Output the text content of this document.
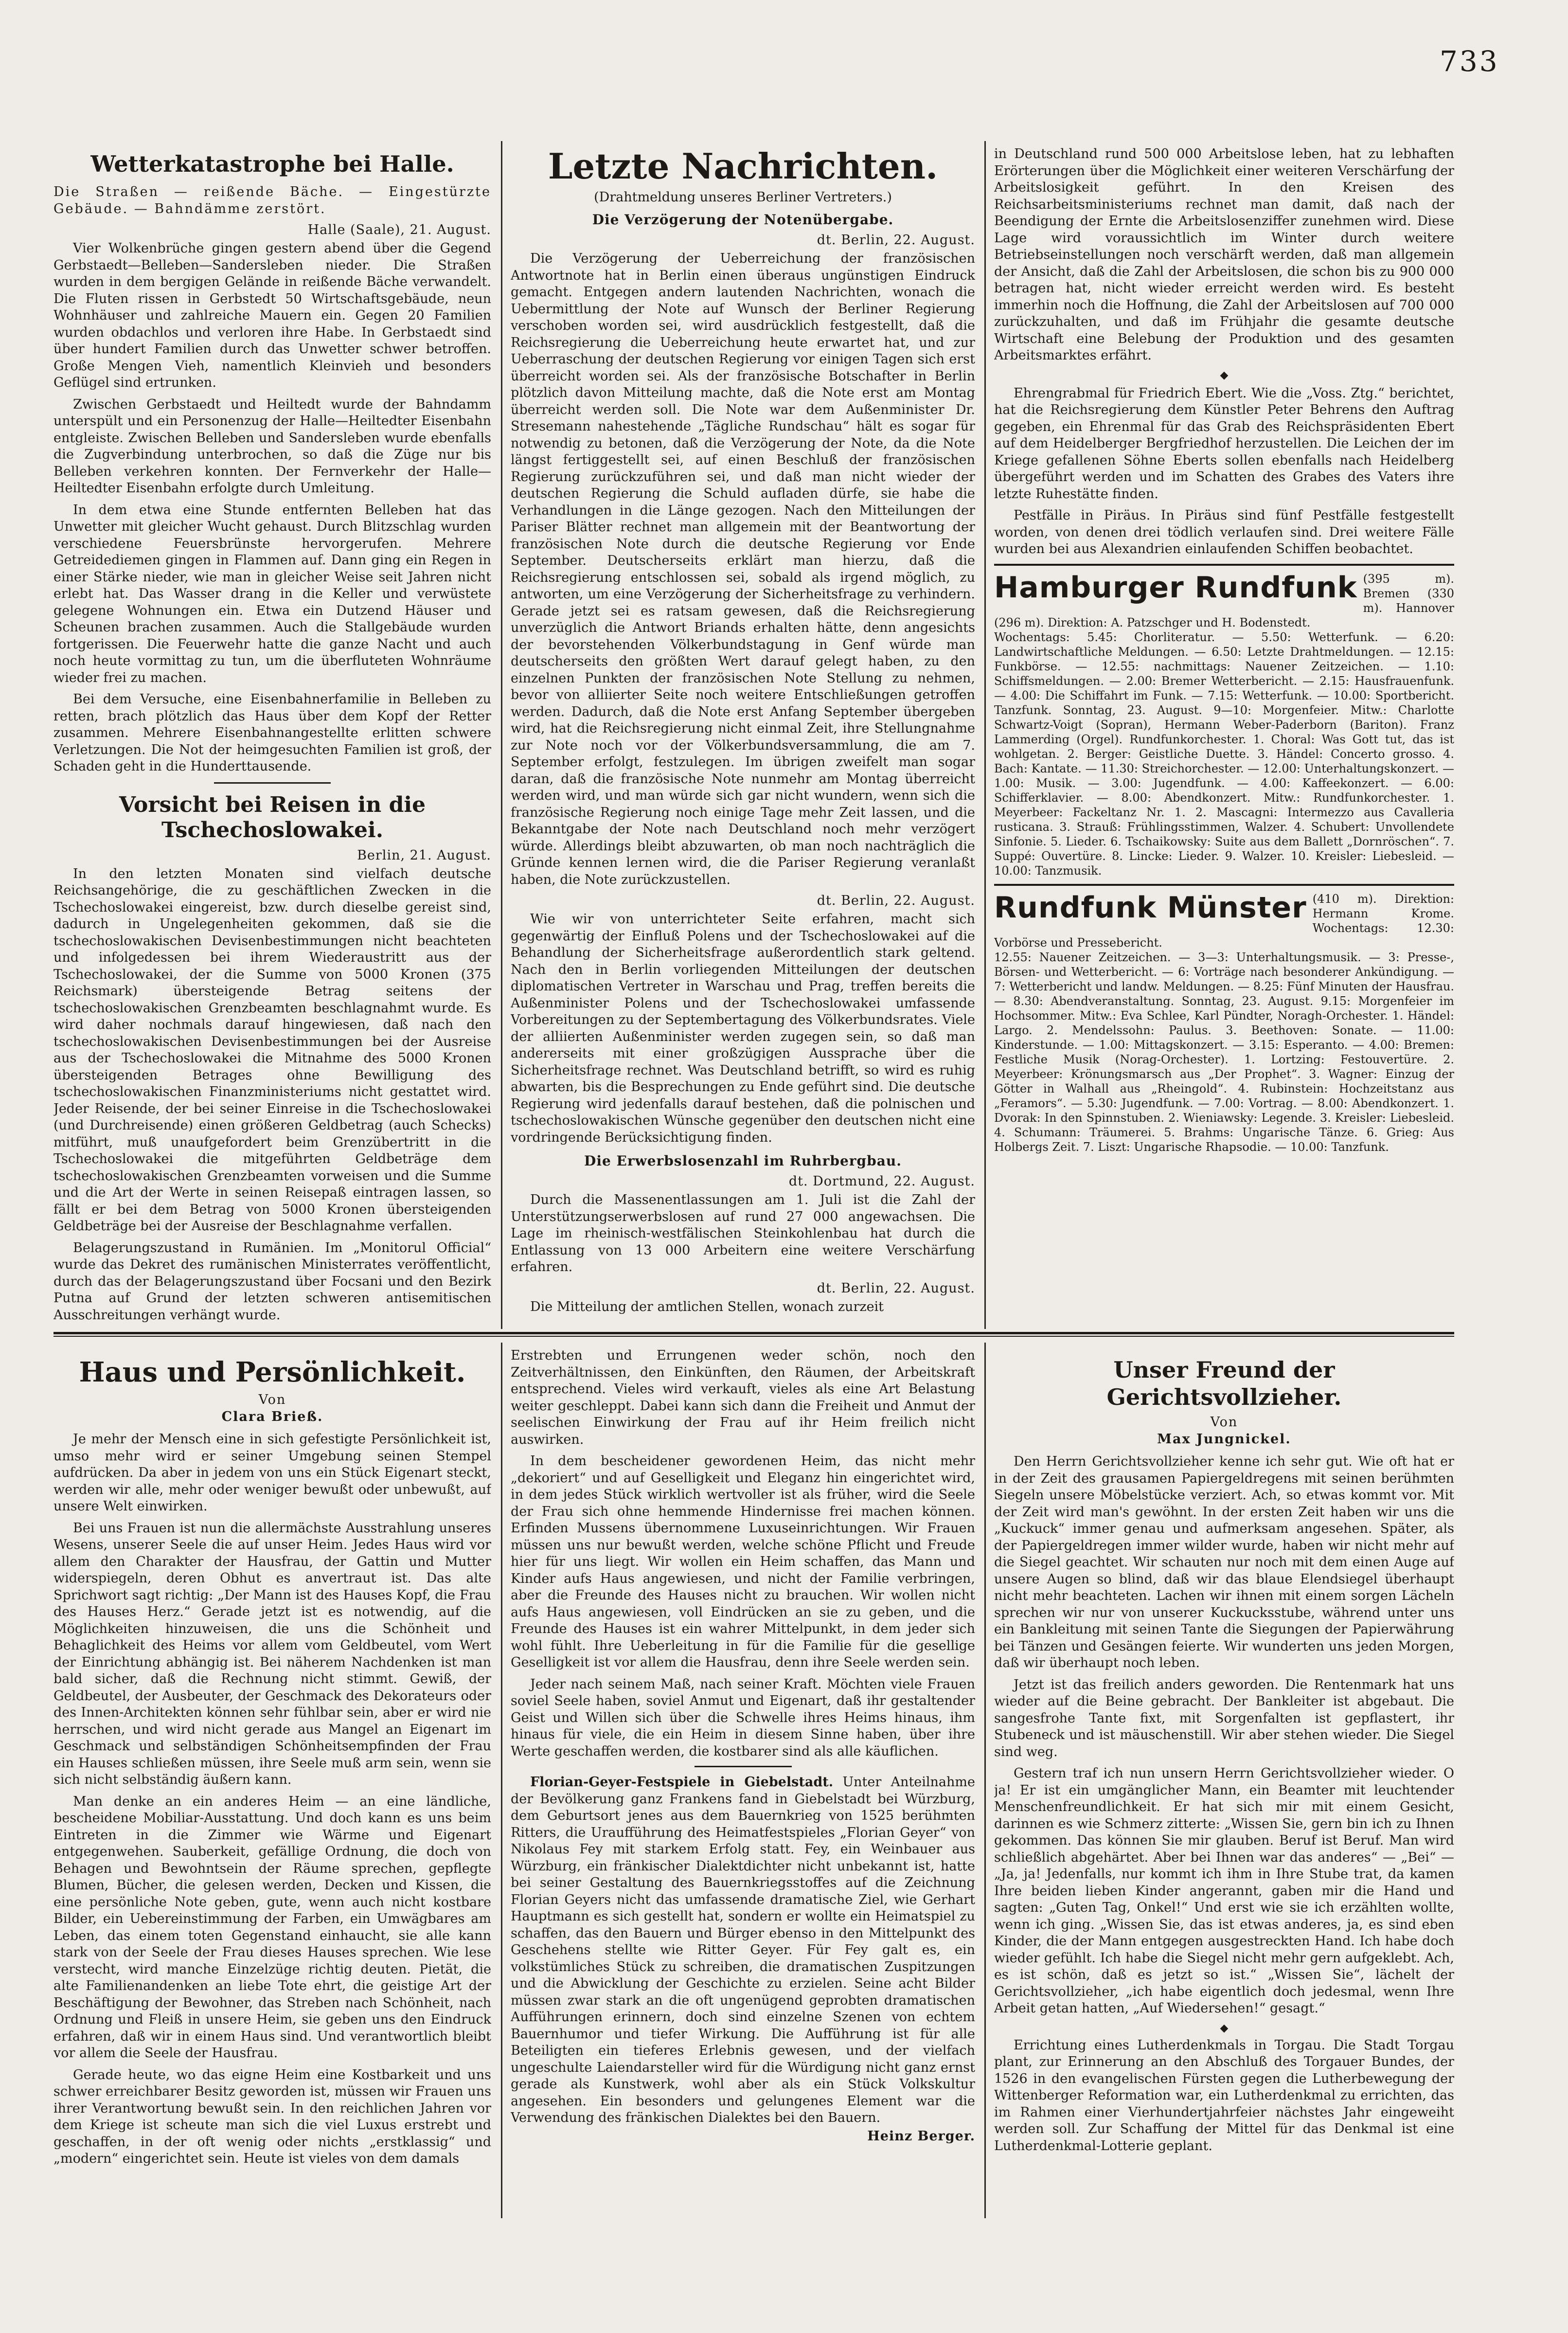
733
Wetterkatastrophe bei Halle.

Die Straßen — reißende Bäche. — Eingestürzte Gebäude. — Bahndämme zerstört.

Halle (Saale), 21. August.

Vier Wolkenbrüche gingen gestern abend über die Gegend Gerbstaedt—Belleben—Sandersleben nieder. Die Straßen wurden in dem bergigen Gelände in reißende Bäche verwandelt. Die Fluten rissen in Gerbstedt 50 Wirtschaftsgebäude, neun Wohnhäuser und zahlreiche Mauern ein. Gegen 20 Familien wurden obdachlos und verloren ihre Habe. In Gerbstaedt sind über hundert Familien durch das Unwetter schwer betroffen. Große Mengen Vieh, namentlich Kleinvieh und besonders Geflügel sind ertrunken.

Zwischen Gerbstaedt und Heiltedt wurde der Bahndamm unterspült und ein Personenzug der Halle—Heiltedter Eisenbahn entgleiste. Zwischen Belleben und Sandersleben wurde ebenfalls die Zugverbindung unterbrochen, so daß die Züge nur bis Belleben verkehren konnten. Der Fernverkehr der Halle—Heiltedter Eisenbahn erfolgte durch Umleitung.

In dem etwa eine Stunde entfernten Belleben hat das Unwetter mit gleicher Wucht gehaust. Durch Blitzschlag wurden verschiedene Feuersbrünste hervorgerufen. Mehrere Getreidediemen gingen in Flammen auf. Dann ging ein Regen in einer Stärke nieder, wie man in gleicher Weise seit Jahren nicht erlebt hat. Das Wasser drang in die Keller und verwüstete gelegene Wohnungen ein. Etwa ein Dutzend Häuser und Scheunen brachen zusammen. Auch die Stallgebäude wurden fortgerissen. Die Feuerwehr hatte die ganze Nacht und auch noch heute vormittag zu tun, um die überfluteten Wohnräume wieder frei zu machen.

Bei dem Versuche, eine Eisenbahnerfamilie in Belleben zu retten, brach plötzlich das Haus über dem Kopf der Retter zusammen. Mehrere Eisenbahnangestellte erlitten schwere Verletzungen. Die Not der heimgesuchten Familien ist groß, der Schaden geht in die Hunderttausende.

Vorsicht bei Reisen in die Tschechoslowakei.
Berlin, 21. August.

In den letzten Monaten sind vielfach deutsche Reichsangehörige, die zu geschäftlichen Zwecken in die Tschechoslowakei eingereist, bzw. durch dieselbe gereist sind, dadurch in Ungelegenheiten gekommen, daß sie die tschechoslowakischen Devisenbestimmungen nicht beachteten und infolgedessen bei ihrem Wiederaustritt aus der Tschechoslowakei, der die Summe von 5000 Kronen (375 Reichsmark) übersteigende Betrag seitens der tschechoslowakischen Grenzbeamten beschlagnahmt wurde. Es wird daher nochmals darauf hingewiesen, daß nach den tschechoslowakischen Devisenbestimmungen bei der Ausreise aus der Tschechoslowakei die Mitnahme des 5000 Kronen übersteigenden Betrages ohne Bewilligung des tschechoslowakischen Finanzministeriums nicht gestattet wird. Jeder Reisende, der bei seiner Einreise in die Tschechoslowakei (und Durchreisende) einen größeren Geldbetrag (auch Schecks) mitführt, muß unaufgefordert beim Grenzübertritt in die Tschechoslowakei die mitgeführten Geldbeträge dem tschechoslowakischen Grenzbeamten vorweisen und die Summe und die Art der Werte in seinen Reisepaß eintragen lassen, so fällt er bei dem Betrag von 5000 Kronen übersteigenden Geldbeträge bei der Ausreise der Beschlagnahme verfallen.

Belagerungszustand in Rumänien. Im „Monitorul Official“ wurde das Dekret des rumänischen Ministerrates veröffentlicht, durch das der Belagerungszustand über Focsani und den Bezirk Putna auf Grund der letzten schweren antisemitischen Ausschreitungen verhängt wurde.

Letzte Nachrichten.
(Drahtmeldung unseres Berliner Vertreters.)
Die Verzögerung der Notenübergabe.
dt. Berlin, 22. August.

Die Verzögerung der Ueberreichung der französischen Antwortnote hat in Berlin einen überaus ungünstigen Eindruck gemacht. Entgegen andern lautenden Nachrichten, wonach die Uebermittlung der Note auf Wunsch der Berliner Regierung verschoben worden sei, wird ausdrücklich festgestellt, daß die Reichsregierung die Ueberreichung heute erwartet hat, und zur Ueberraschung der deutschen Regierung vor einigen Tagen sich erst überreicht worden sei. Als der französische Botschafter in Berlin plötzlich davon Mitteilung machte, daß die Note erst am Montag überreicht werden soll. Die Note war dem Außenminister Dr. Stresemann nahestehende „Tägliche Rundschau“ hält es sogar für notwendig zu betonen, daß die Verzögerung der Note, da die Note längst fertiggestellt sei, auf einen Beschluß der französischen Regierung zurückzuführen sei, und daß man nicht wieder der deutschen Regierung die Schuld aufladen dürfe, sie habe die Verhandlungen in die Länge gezogen. Nach den Mitteilungen der Pariser Blätter rechnet man allgemein mit der Beantwortung der französischen Note durch die deutsche Regierung vor Ende September. Deutscherseits erklärt man hierzu, daß die Reichsregierung entschlossen sei, sobald als irgend möglich, zu antworten, um eine Verzögerung der Sicherheitsfrage zu verhindern. Gerade jetzt sei es ratsam gewesen, daß die Reichsregierung unverzüglich die Antwort Briands erhalten hätte, denn angesichts der bevorstehenden Völkerbundstagung in Genf würde man deutscherseits den größten Wert darauf gelegt haben, zu den einzelnen Punkten der französischen Note Stellung zu nehmen, bevor von alliierter Seite noch weitere Entschließungen getroffen werden. Dadurch, daß die Note erst Anfang September übergeben wird, hat die Reichsregierung nicht einmal Zeit, ihre Stellungnahme zur Note noch vor der Völkerbundsversammlung, die am 7. September erfolgt, festzulegen. Im übrigen zweifelt man sogar daran, daß die französische Note nunmehr am Montag überreicht werden wird, und man würde sich gar nicht wundern, wenn sich die französische Regierung noch einige Tage mehr Zeit lassen, und die Bekanntgabe der Note nach Deutschland noch mehr verzögert würde. Allerdings bleibt abzuwarten, ob man noch nachträglich die Gründe kennen lernen wird, die die Pariser Regierung veranlaßt haben, die Note zurückzustellen.

dt. Berlin, 22. August.

Wie wir von unterrichteter Seite erfahren, macht sich gegenwärtig der Einfluß Polens und der Tschechoslowakei auf die Behandlung der Sicherheitsfrage außerordentlich stark geltend. Nach den in Berlin vorliegenden Mitteilungen der deutschen diplomatischen Vertreter in Warschau und Prag, treffen bereits die Außenminister Polens und der Tschechoslowakei umfassende Vorbereitungen zu der Septembertagung des Völkerbundsrates. Viele der alliierten Außenminister werden zugegen sein, so daß man andererseits mit einer großzügigen Aussprache über die Sicherheitsfrage rechnet. Was Deutschland betrifft, so wird es ruhig abwarten, bis die Besprechungen zu Ende geführt sind. Die deutsche Regierung wird jedenfalls darauf bestehen, daß die polnischen und tschechoslowakischen Wünsche gegenüber den deutschen nicht eine vordringende Berücksichtigung finden.

Die Erwerbslosenzahl im Ruhrbergbau.
dt. Dortmund, 22. August.

Durch die Massenentlassungen am 1. Juli ist die Zahl der Unterstützungserwerbslosen auf rund 27 000 angewachsen. Die Lage im rheinisch-westfälischen Steinkohlenbau hat durch die Entlassung von 13 000 Arbeitern eine weitere Verschärfung erfahren.

dt. Berlin, 22. August.

Die Mitteilung der amtlichen Stellen, wonach zurzeit

in Deutschland rund 500 000 Arbeitslose leben, hat zu lebhaften Erörterungen über die Möglichkeit einer weiteren Verschärfung der Arbeitslosigkeit geführt. In den Kreisen des Reichsarbeitsministeriums rechnet man damit, daß nach der Beendigung der Ernte die Arbeitslosenziffer zunehmen wird. Diese Lage wird voraussichtlich im Winter durch weitere Betriebseinstellungen noch verschärft werden, daß man allgemein der Ansicht, daß die Zahl der Arbeitslosen, die schon bis zu 900 000 betragen hat, nicht wieder erreicht werden wird. Es besteht immerhin noch die Hoffnung, die Zahl der Arbeitslosen auf 700 000 zurückzuhalten, und daß im Frühjahr die gesamte deutsche Wirtschaft eine Belebung der Produktion und des gesamten Arbeitsmarktes erfährt.

◆

Ehrengrabmal für Friedrich Ebert. Wie die „Voss. Ztg.“ berichtet, hat die Reichsregierung dem Künstler Peter Behrens den Auftrag gegeben, ein Ehrenmal für das Grab des Reichspräsidenten Ebert auf dem Heidelberger Bergfriedhof herzustellen. Die Leichen der im Kriege gefallenen Söhne Eberts sollen ebenfalls nach Heidelberg übergeführt werden und im Schatten des Grabes des Vaters ihre letzte Ruhestätte finden.

Pestfälle in Piräus. In Piräus sind fünf Pestfälle festgestellt worden, von denen drei tödlich verlaufen sind. Drei weitere Fälle wurden bei aus Alexandrien einlaufenden Schiffen beobachtet.

Hamburger Rundfunk (395 m). Bremen (330 m). Hannover (296 m). Direktion: A. Patzschger und H. Bodenstedt.
Wochentags: 5.45: Chorliteratur. — 5.50: Wetterfunk. — 6.20: Landwirtschaftliche Meldungen. — 6.50: Letzte Drahtmeldungen. — 12.15: Funkbörse. — 12.55: nachmittags: Nauener Zeitzeichen. — 1.10: Schiffsmeldungen. — 2.00: Bremer Wetterbericht. — 2.15: Hausfrauenfunk. — 4.00: Die Schiffahrt im Funk. — 7.15: Wetterfunk. — 10.00: Sportbericht. Tanzfunk. Sonntag, 23. August. 9—10: Morgenfeier. Mitw.: Charlotte Schwartz-Voigt (Sopran), Hermann Weber-Paderborn (Bariton). Franz Lammerding (Orgel). Rundfunkorchester. 1. Choral: Was Gott tut, das ist wohlgetan. 2. Berger: Geistliche Duette. 3. Händel: Concerto grosso. 4. Bach: Kantate. — 11.30: Streichorchester. — 12.00: Unterhaltungskonzert. — 1.00: Musik. — 3.00: Jugendfunk. — 4.00: Kaffeekonzert. — 6.00: Schifferklavier. — 8.00: Abendkonzert. Mitw.: Rundfunkorchester. 1. Meyerbeer: Fackeltanz Nr. 1. 2. Mascagni: Intermezzo aus Cavalleria rusticana. 3. Strauß: Frühlingsstimmen, Walzer. 4. Schubert: Unvollendete Sinfonie. 5. Lieder. 6. Tschaikowsky: Suite aus dem Ballett „Dornröschen“. 7. Suppé: Ouvertüre. 8. Lincke: Lieder. 9. Walzer. 10. Kreisler: Liebesleid. — 10.00: Tanzmusik.
Rundfunk Münster (410 m). Direktion: Hermann Krome. Wochentags: 12.30: Vorbörse und Pressebericht.
12.55: Nauener Zeitzeichen. — 3—3: Unterhaltungsmusik. — 3: Presse-, Börsen- und Wetterbericht. — 6: Vorträge nach besonderer Ankündigung. — 7: Wetterbericht und landw. Meldungen. — 8.25: Fünf Minuten der Hausfrau. — 8.30: Abendveranstaltung. Sonntag, 23. August. 9.15: Morgenfeier im Hochsommer. Mitw.: Eva Schlee, Karl Pündter, Noragh-Orchester. 1. Händel: Largo. 2. Mendelssohn: Paulus. 3. Beethoven: Sonate. — 11.00: Kinderstunde. — 1.00: Mittagskonzert. — 3.15: Esperanto. — 4.00: Bremen: Festliche Musik (Norag-Orchester). 1. Lortzing: Festouvertüre. 2. Meyerbeer: Krönungsmarsch aus „Der Prophet“. 3. Wagner: Einzug der Götter in Walhall aus „Rheingold“. 4. Rubinstein: Hochzeitstanz aus „Feramors“. — 5.30: Jugendfunk. — 7.00: Vortrag. — 8.00: Abendkonzert. 1. Dvorak: In den Spinnstuben. 2. Wieniawsky: Legende. 3. Kreisler: Liebesleid. 4. Schumann: Träumerei. 5. Brahms: Ungarische Tänze. 6. Grieg: Aus Holbergs Zeit. 7. Liszt: Ungarische Rhapsodie. — 10.00: Tanzfunk.
Haus und Persönlichkeit.
Von
Clara Brieß.

Je mehr der Mensch eine in sich gefestigte Persönlichkeit ist, umso mehr wird er seiner Umgebung seinen Stempel aufdrücken. Da aber in jedem von uns ein Stück Eigenart steckt, werden wir alle, mehr oder weniger bewußt oder unbewußt, auf unsere Welt einwirken.

Bei uns Frauen ist nun die allermächste Ausstrahlung unseres Wesens, unserer Seele die auf unser Heim. Jedes Haus wird vor allem den Charakter der Hausfrau, der Gattin und Mutter widerspiegeln, deren Obhut es anvertraut ist. Das alte Sprichwort sagt richtig: „Der Mann ist des Hauses Kopf, die Frau des Hauses Herz.“ Gerade jetzt ist es notwendig, auf die Möglichkeiten hinzuweisen, die uns die Schönheit und Behaglichkeit des Heims vor allem vom Geldbeutel, vom Wert der Einrichtung abhängig ist. Bei näherem Nachdenken ist man bald sicher, daß die Rechnung nicht stimmt. Gewiß, der Geldbeutel, der Ausbeuter, der Geschmack des Dekorateurs oder des Innen-Architekten können sehr fühlbar sein, aber er wird nie herrschen, und wird nicht gerade aus Mangel an Eigenart im Geschmack und selbständigen Schönheitsempfinden der Frau ein Hauses schließen müssen, ihre Seele muß arm sein, wenn sie sich nicht selbständig äußern kann.

Man denke an ein anderes Heim — an eine ländliche, bescheidene Mobiliar-Ausstattung. Und doch kann es uns beim Eintreten in die Zimmer wie Wärme und Eigenart entgegenwehen. Sauberkeit, gefällige Ordnung, die doch von Behagen und Bewohntsein der Räume sprechen, gepflegte Blumen, Bücher, die gelesen werden, Decken und Kissen, die eine persönliche Note geben, gute, wenn auch nicht kostbare Bilder, ein Uebereinstimmung der Farben, ein Umwägbares am Leben, das einem toten Gegenstand einhaucht, sie alle kann stark von der Seele der Frau dieses Hauses sprechen. Wie lese verstecht, wird manche Einzelzüge richtig deuten. Pietät, die alte Familienandenken an liebe Tote ehrt, die geistige Art der Beschäftigung der Bewohner, das Streben nach Schönheit, nach Ordnung und Fleiß in unsere Heim, sie geben uns den Eindruck erfahren, daß wir in einem Haus sind. Und verantwortlich bleibt vor allem die Seele der Hausfrau.

Gerade heute, wo das eigne Heim eine Kostbarkeit und uns schwer erreichbarer Besitz geworden ist, müssen wir Frauen uns ihrer Verantwortung bewußt sein. In den reichlichen Jahren vor dem Kriege ist scheute man sich die viel Luxus erstrebt und geschaffen, in der oft wenig oder nichts „erstklassig“ und „modern“ eingerichtet sein. Heute ist vieles von dem damals

Erstrebten und Errungenen weder schön, noch den Zeitverhältnissen, den Einkünften, den Räumen, der Arbeitskraft entsprechend. Vieles wird verkauft, vieles als eine Art Belastung weiter geschleppt. Dabei kann sich dann die Freiheit und Anmut der seelischen Einwirkung der Frau auf ihr Heim freilich nicht auswirken.

In dem bescheidener gewordenen Heim, das nicht mehr „dekoriert“ und auf Geselligkeit und Eleganz hin eingerichtet wird, in dem jedes Stück wirklich wertvoller ist als früher, wird die Seele der Frau sich ohne hemmende Hindernisse frei machen können. Erfinden Mussens übernommene Luxuseinrichtungen. Wir Frauen müssen uns nur bewußt werden, welche schöne Pflicht und Freude hier für uns liegt. Wir wollen ein Heim schaffen, das Mann und Kinder aufs Haus angewiesen, und nicht der Familie verbringen, aber die Freunde des Hauses nicht zu brauchen. Wir wollen nicht aufs Haus angewiesen, voll Eindrücken an sie zu geben, und die Freunde des Hauses ist ein wahrer Mittelpunkt, in dem jeder sich wohl fühlt. Ihre Ueberleitung in für die Familie für die gesellige Geselligkeit ist vor allem die Hausfrau, denn ihre Seele werden sein.

Jeder nach seinem Maß, nach seiner Kraft. Möchten viele Frauen soviel Seele haben, soviel Anmut und Eigenart, daß ihr gestaltender Geist und Willen sich über die Schwelle ihres Heims hinaus, ihm hinaus für viele, die ein Heim in diesem Sinne haben, über ihre Werte geschaffen werden, die kostbarer sind als alle käuflichen.

Florian-Geyer-Festspiele in Giebelstadt. Unter Anteilnahme der Bevölkerung ganz Frankens fand in Giebelstadt bei Würzburg, dem Geburtsort jenes aus dem Bauernkrieg von 1525 berühmten Ritters, die Uraufführung des Heimatfestspieles „Florian Geyer“ von Nikolaus Fey mit starkem Erfolg statt. Fey, ein Weinbauer aus Würzburg, ein fränkischer Dialektdichter nicht unbekannt ist, hatte bei seiner Gestaltung des Bauernkriegsstoffes auf die Zeichnung Florian Geyers nicht das umfassende dramatische Ziel, wie Gerhart Hauptmann es sich gestellt hat, sondern er wollte ein Heimatspiel zu schaffen, das den Bauern und Bürger ebenso in den Mittelpunkt des Geschehens stellte wie Ritter Geyer. Für Fey galt es, ein volkstümliches Stück zu schreiben, die dramatischen Zuspitzungen und die Abwicklung der Geschichte zu erzielen. Seine acht Bilder müssen zwar stark an die oft ungenügend geprobten dramatischen Aufführungen erinnern, doch sind einzelne Szenen von echtem Bauernhumor und tiefer Wirkung. Die Aufführung ist für alle Beteiligten ein tieferes Erlebnis gewesen, und der vielfach ungeschulte Laiendarsteller wird für die Würdigung nicht ganz ernst gerade als Kunstwerk, wohl aber als ein Stück Volkskultur angesehen. Ein besonders und gelungenes Element war die Verwendung des fränkischen Dialektes bei den Bauern.

Heinz Berger.
Unser Freund der Gerichtsvollzieher.
Von
Max Jungnickel.

Den Herrn Gerichtsvollzieher kenne ich sehr gut. Wie oft hat er in der Zeit des grausamen Papiergeldregens mit seinen berühmten Siegeln unsere Möbelstücke verziert. Ach, so etwas kommt vor. Mit der Zeit wird man's gewöhnt. In der ersten Zeit haben wir uns die „Kuckuck“ immer genau und aufmerksam angesehen. Später, als der Papiergeldregen immer wilder wurde, haben wir nicht mehr auf die Siegel geachtet. Wir schauten nur noch mit dem einen Auge auf unsere Augen so blind, daß wir das blaue Elendsiegel überhaupt nicht mehr beachteten. Lachen wir ihnen mit einem sorgen Lächeln sprechen wir nur von unserer Kuckucksstube, während unter uns ein Bankleitung mit seinen Tante die Siegungen der Papierwährung bei Tänzen und Gesängen feierte. Wir wunderten uns jeden Morgen, daß wir überhaupt noch leben.

Jetzt ist das freilich anders geworden. Die Rentenmark hat uns wieder auf die Beine gebracht. Der Bankleiter ist abgebaut. Die sangesfrohe Tante fixt, mit Sorgenfalten ist gepflastert, ihr Stubeneck und ist mäuschenstill. Wir aber stehen wieder. Die Siegel sind weg.

Gestern traf ich nun unsern Herrn Gerichtsvollzieher wieder. O ja! Er ist ein umgänglicher Mann, ein Beamter mit leuchtender Menschenfreundlichkeit. Er hat sich mir mit einem Gesicht, darinnen es wie Schmerz zitterte: „Wissen Sie, gern bin ich zu Ihnen gekommen. Das können Sie mir glauben. Beruf ist Beruf. Man wird schließlich abgehärtet. Aber bei Ihnen war das anderes“ — „Bei“ — „Ja, ja! Jedenfalls, nur kommt ich ihm in Ihre Stube trat, da kamen Ihre beiden lieben Kinder angerannt, gaben mir die Hand und sagten: „Guten Tag, Onkel!“ Und erst wie sie ich erzählten wollte, wenn ich ging. „Wissen Sie, das ist etwas anderes, ja, es sind eben Kinder, die der Mann entgegen ausgestreckten Hand. Ich habe doch wieder gefühlt. Ich habe die Siegel nicht mehr gern aufgeklebt. Ach, es ist schön, daß es jetzt so ist.“ „Wissen Sie“, lächelt der Gerichtsvollzieher, „ich habe eigentlich doch jedesmal, wenn Ihre Arbeit getan hatten, „Auf Wiedersehen!“ gesagt.“

◆

Errichtung eines Lutherdenkmals in Torgau. Die Stadt Torgau plant, zur Erinnerung an den Abschluß des Torgauer Bundes, der 1526 in den evangelischen Fürsten gegen die Lutherbewegung der Wittenberger Reformation war, ein Lutherdenkmal zu errichten, das im Rahmen einer Vierhundertjahrfeier nächstes Jahr eingeweiht werden soll. Zur Schaffung der Mittel für das Denkmal ist eine Lutherdenkmal-Lotterie geplant.
